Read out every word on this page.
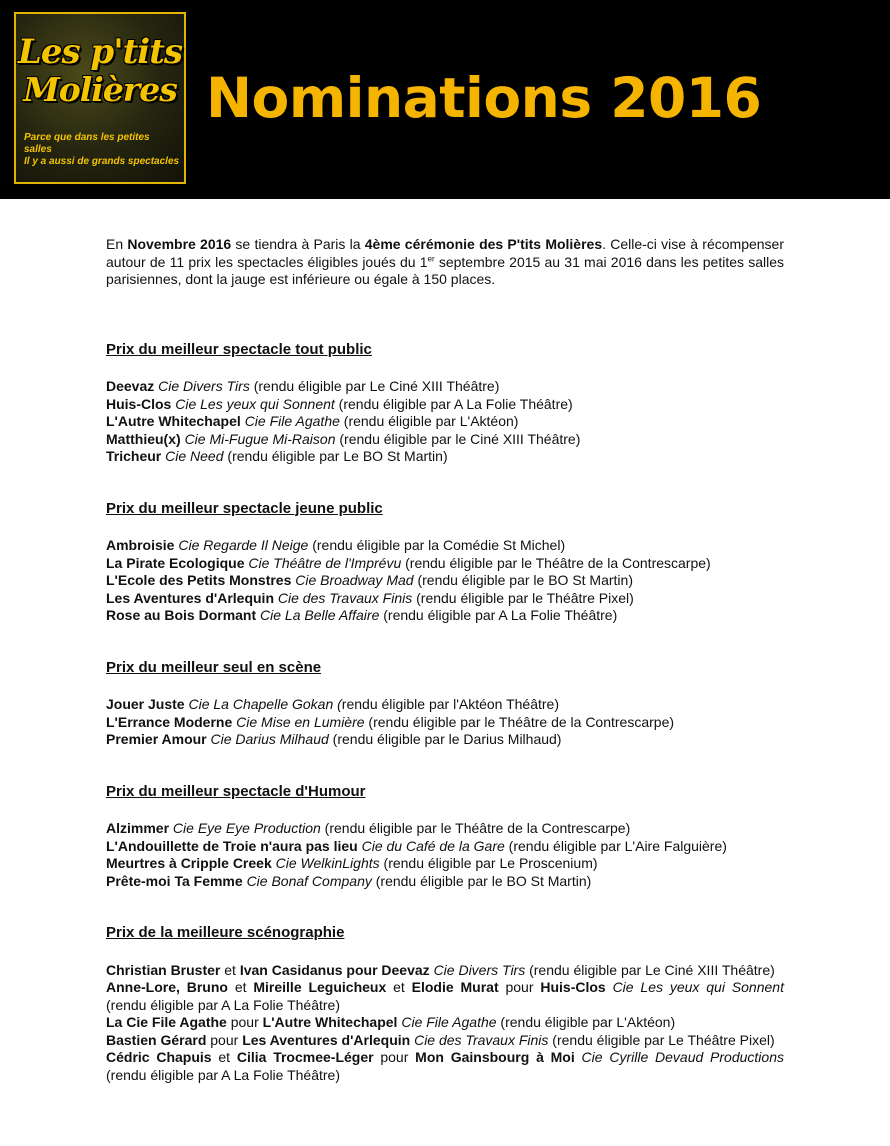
Les p'tits
Molières
Parce que dans les petites salles
Il y a aussi de grands spectacles
Nominations 2016

En Novembre 2016 se tiendra à Paris la 4ème cérémonie des P'tits Molières. Celle-ci vise à récompenser autour de 11 prix les spectacles éligibles joués du 1er septembre 2015 au 31 mai 2016 dans les petites salles parisiennes, dont la jauge est inférieure ou égale à 150 places.

Prix du meilleur spectacle tout public

Deevaz Cie Divers Tirs (rendu éligible par Le Ciné XIII Théâtre)

Huis-Clos Cie Les yeux qui Sonnent (rendu éligible par A La Folie Théâtre)

L'Autre Whitechapel Cie File Agathe (rendu éligible par L'Aktéon)

Matthieu(x) Cie Mi-Fugue Mi-Raison (rendu éligible par le Ciné XIII Théâtre)

Tricheur Cie Need (rendu éligible par Le BO St Martin)

Prix du meilleur spectacle jeune public

Ambroisie Cie Regarde Il Neige (rendu éligible par la Comédie St Michel)

La Pirate Ecologique Cie Théâtre de l'Imprévu (rendu éligible par le Théâtre de la Contrescarpe)

L'Ecole des Petits Monstres Cie Broadway Mad (rendu éligible par le BO St Martin)

Les Aventures d'Arlequin Cie des Travaux Finis (rendu éligible par le Théâtre Pixel)

Rose au Bois Dormant Cie La Belle Affaire (rendu éligible par A La Folie Théâtre)

Prix du meilleur seul en scène

Jouer Juste Cie La Chapelle Gokan (rendu éligible par l'Aktéon Théâtre)

L'Errance Moderne Cie Mise en Lumière (rendu éligible par le Théâtre de la Contrescarpe)

Premier Amour Cie Darius Milhaud (rendu éligible par le Darius Milhaud)

Prix du meilleur spectacle d'Humour

Alzimmer Cie Eye Eye Production (rendu éligible par le Théâtre de la Contrescarpe)

L'Andouillette de Troie n'aura pas lieu Cie du Café de la Gare (rendu éligible par L'Aire Falguière)

Meurtres à Cripple Creek Cie WelkinLights (rendu éligible par Le Proscenium)

Prête-moi Ta Femme Cie Bonaf Company (rendu éligible par le BO St Martin)

Prix de la meilleure scénographie

Christian Bruster et Ivan Casidanus pour Deevaz Cie Divers Tirs (rendu éligible par Le Ciné XIII Théâtre)

Anne-Lore, Bruno et Mireille Leguicheux et Elodie Murat pour Huis-Clos Cie Les yeux qui Sonnent (rendu éligible par A La Folie Théâtre)

La Cie File Agathe pour L'Autre Whitechapel Cie File Agathe (rendu éligible par L'Aktéon)

Bastien Gérard pour Les Aventures d'Arlequin Cie des Travaux Finis (rendu éligible par Le Théâtre Pixel)

Cédric Chapuis et Cilia Trocmee-Léger pour Mon Gainsbourg à Moi Cie Cyrille Devaud Productions (rendu éligible par A La Folie Théâtre)
